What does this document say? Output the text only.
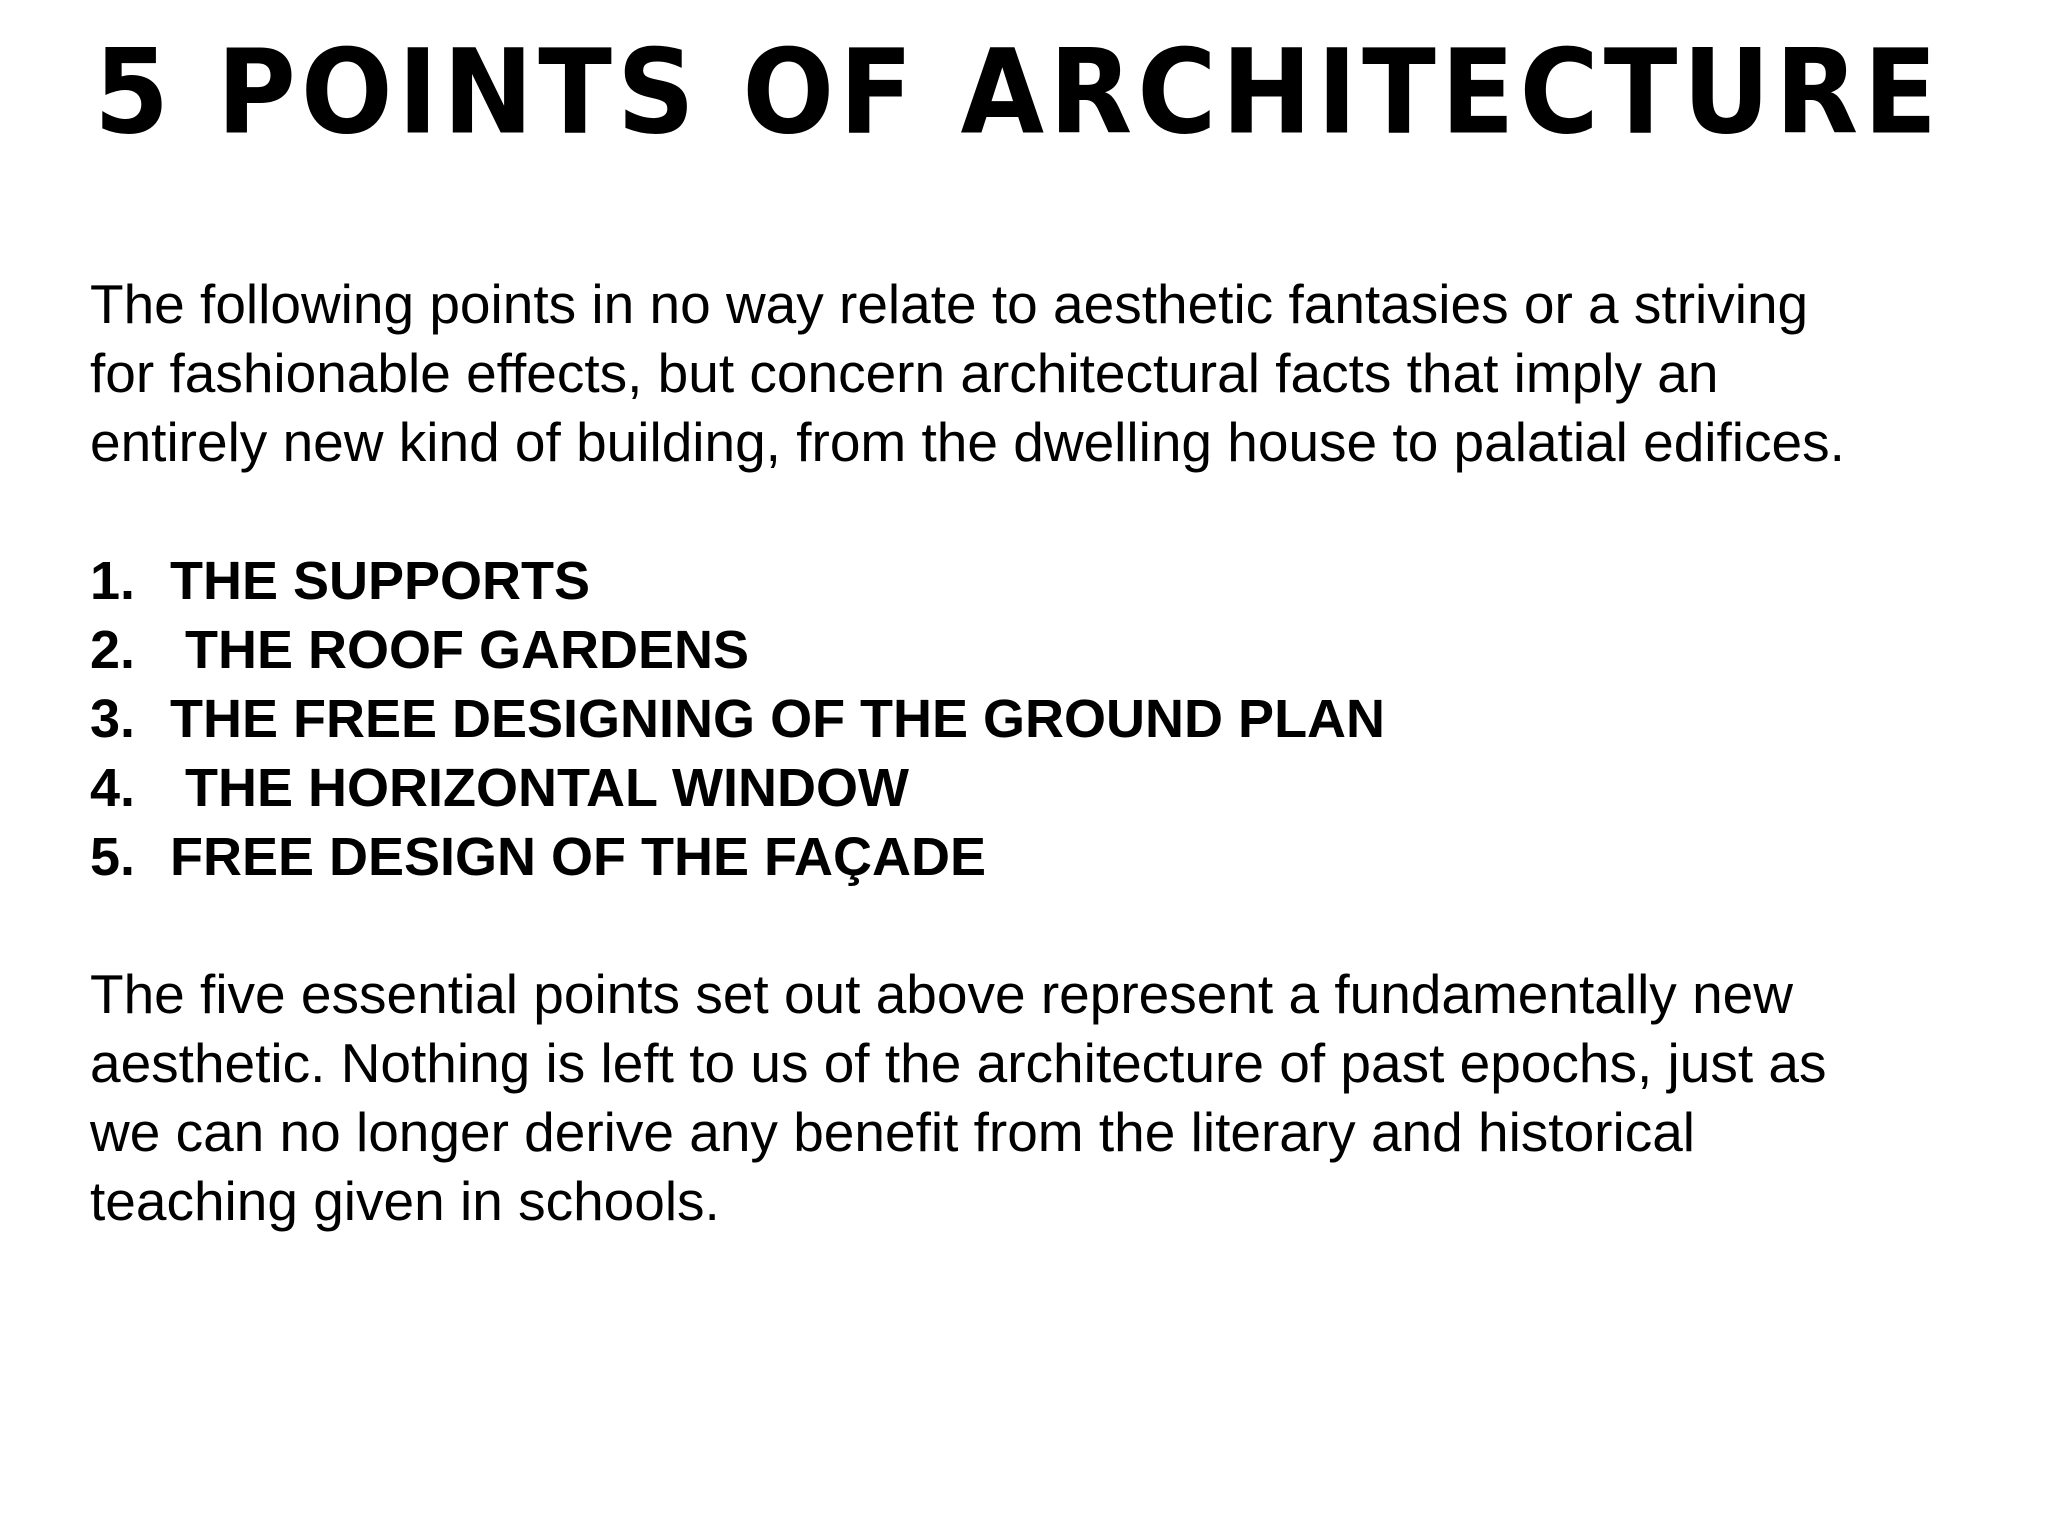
5 POINTS OF ARCHITECTURE

The following points in no way relate to aesthetic fantasies or a striving
for fashionable effects, but concern architectural facts that imply an
entirely new kind of building, from the dwelling house to palatial edifices.

1. THE SUPPORTS
2. THE ROOF GARDENS
3. THE FREE DESIGNING OF THE GROUND PLAN
4. THE HORIZONTAL WINDOW
5. FREE DESIGN OF THE FAÇADE

The five essential points set out above represent a fundamentally new
aesthetic. Nothing is left to us of the architecture of past epochs, just as
we can no longer derive any benefit from the literary and historical
teaching given in schools.
